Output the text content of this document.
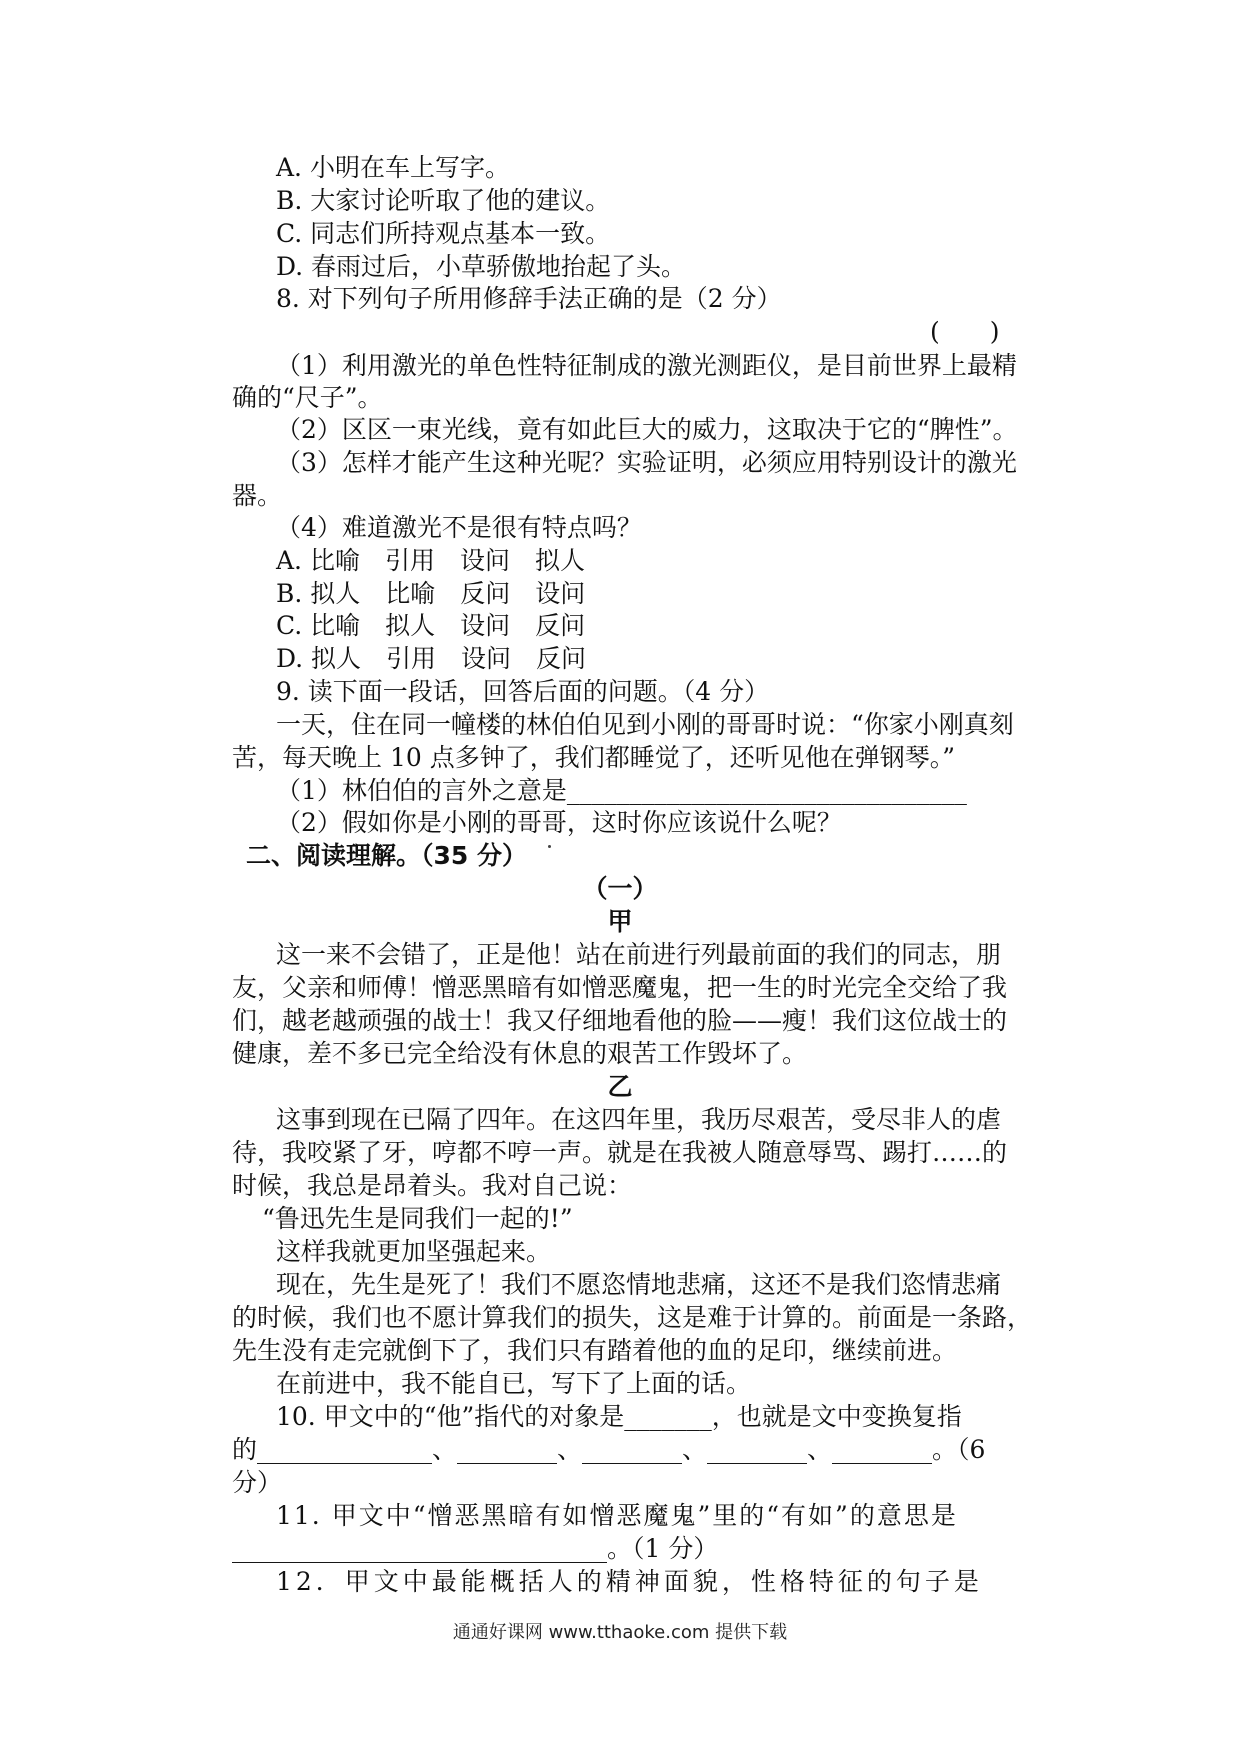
A. 小明在车上写字。
B. 大家讨论听取了他的建议。
C. 同志们所持观点基本一致。
D. 春雨过后，小草骄傲地抬起了头。
8. 对下列句子所用修辞手法正确的是（2 分）
(　　)
（1）利用激光的单色性特征制成的激光测距仪，是目前世界上最精
确的“尺子”。
（2）区区一束光线，竟有如此巨大的威力，这取决于它的“脾性”。
（3）怎样才能产生这种光呢？实验证明，必须应用特别设计的激光
器。
（4）难道激光不是很有特点吗？
A. 比喻　引用　设问　拟人
B. 拟人　比喻　反问　设问
C. 比喻　拟人　设问　反问
D. 拟人　引用　设问　反问
9. 读下面一段话，回答后面的问题。（4 分）
一天，住在同一幢楼的林伯伯见到小刚的哥哥时说：“你家小刚真刻
苦，每天晚上 10 点多钟了，我们都睡觉了，还听见他在弹钢琴。”
（1）林伯伯的言外之意是________________________________
（2）假如你是小刚的哥哥，这时你应该说什么呢？
二、阅读理解。（35 分）
（一）
甲
这一来不会错了，正是他！站在前进行列最前面的我们的同志，朋
友，父亲和师傅！憎恶黑暗有如憎恶魔鬼，把一生的时光完全交给了我
们，越老越顽强的战士！我又仔细地看他的脸——瘦！我们这位战士的
健康，差不多已完全给没有休息的艰苦工作毁坏了。
乙
这事到现在已隔了四年。在这四年里，我历尽艰苦，受尽非人的虐
待，我咬紧了牙，哼都不哼一声。就是在我被人随意辱骂、踢打……的
时候，我总是昂着头。我对自己说：
“鲁迅先生是同我们一起的!”
这样我就更加坚强起来。
现在，先生是死了！我们不愿恣情地悲痛，这还不是我们恣情悲痛
的时候，我们也不愿计算我们的损失，这是难于计算的。前面是一条路，
先生没有走完就倒下了，我们只有踏着他的血的足印，继续前进。
在前进中，我不能自已，写下了上面的话。
10. 甲文中的“他”指代的对象是_______，也就是文中变换复指
的______________、________、________、________、________。（6
分）
11. 甲文中“憎恶黑暗有如憎恶魔鬼”里的“有如”的意思是
______________________________。（1 分）
12．甲文中最能概括人的精神面貌，性格特征的句子是
通通好课网 www.tthaoke.com 提供下载
